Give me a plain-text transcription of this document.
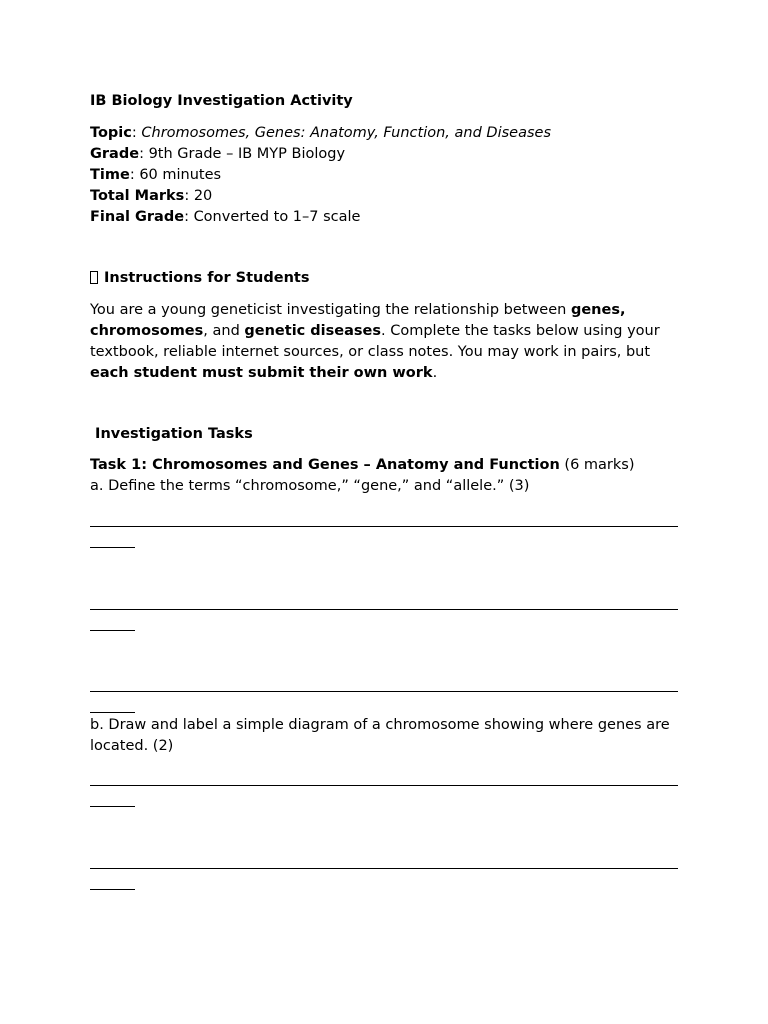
IB Biology Investigation Activity
Topic: Chromosomes, Genes: Anatomy, Function, and Diseases
Grade: 9th Grade – IB MYP Biology
Time: 60 minutes
Total Marks: 20
Final Grade: Converted to 1–7 scale
Instructions for Students
You are a young geneticist investigating the relationship between genes, chromosomes, and genetic diseases. Complete the tasks below using your textbook, reliable internet sources, or class notes. You may work in pairs, but each student must submit their own work.
Investigation Tasks
Task 1: Chromosomes and Genes – Anatomy and Function (6 marks)
a. Define the terms “chromosome,” “gene,” and “allele.” (3)
b. Draw and label a simple diagram of a chromosome showing where genes are located. (2)
